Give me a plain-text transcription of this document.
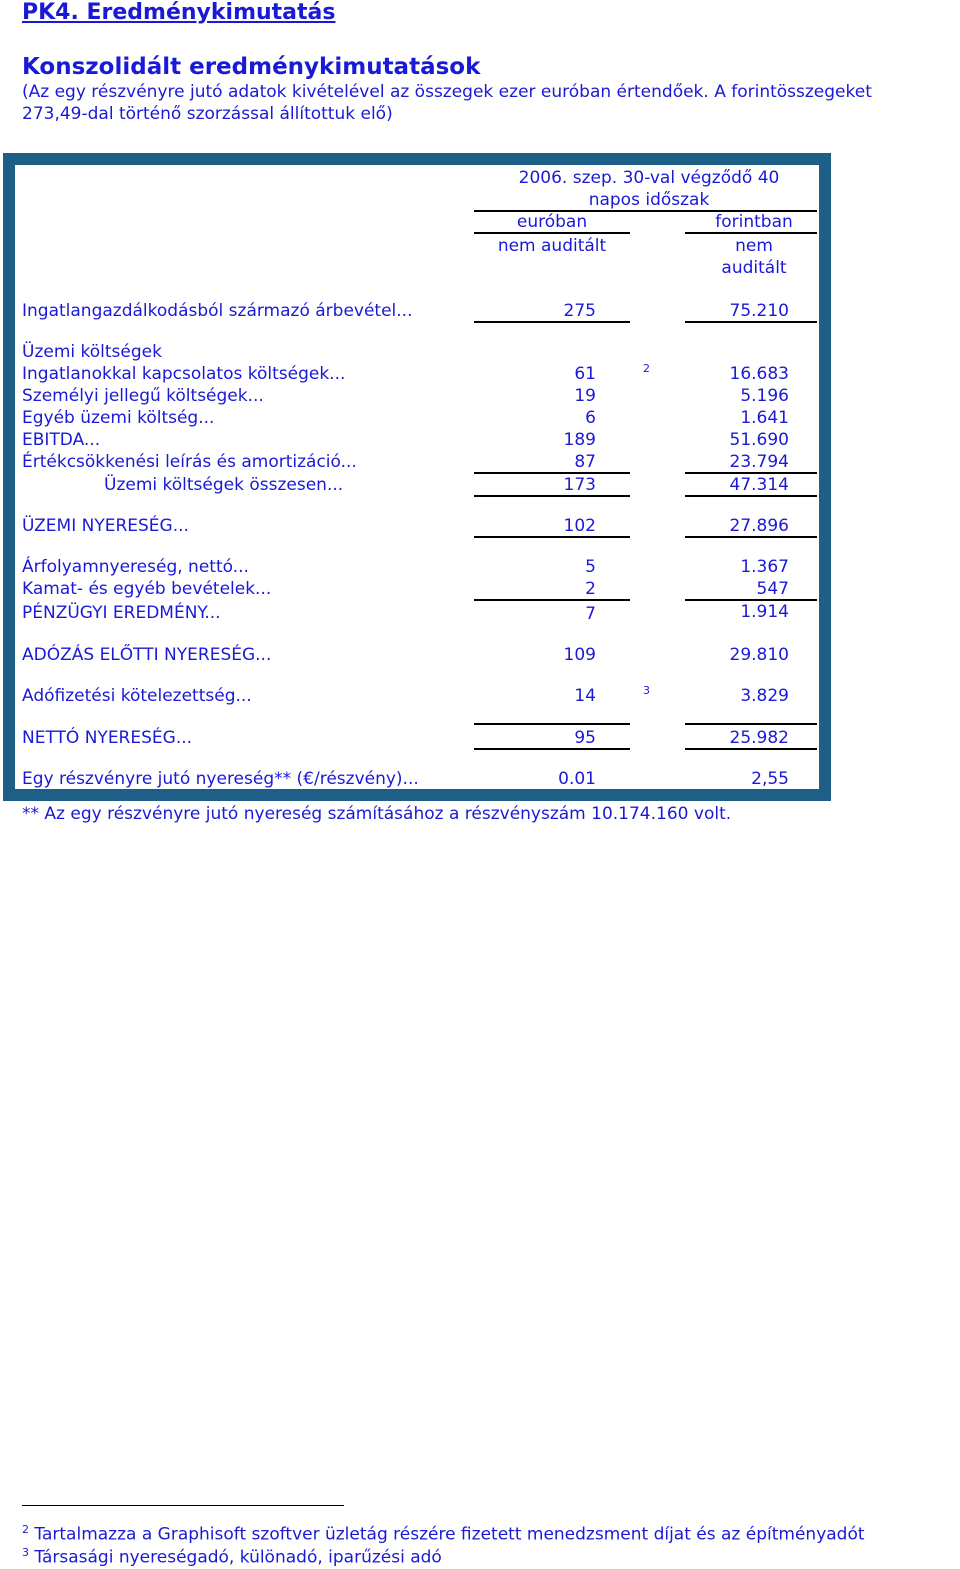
PK4. Eredménykimutatás
Konszolidált eredménykimutatások
(Az egy részvényre jutó adatok kivételével az összegek ezer euróban értendőek. A forintösszegeket
273,49-dal történő szorzással állítottuk elő)
2006. szep. 30-val végződő 40
napos időszak
euróban	forintban
nem auditált	nem
auditált
Ingatlangazdálkodásból származó árbevétel...	275	75.210
Üzemi költségek
Ingatlanokkal kapcsolatos költségek...	61	2	16.683
Személyi jellegű költségek...	19	5.196
Egyéb üzemi költség...	6	1.641
EBITDA...	189	51.690
Értékcsökkenési leírás és amortizáció...	87	23.794
Üzemi költségek összesen...	173	47.314
ÜZEMI NYERESÉG...	102	27.896
Árfolyamnyereség, nettó...	5	1.367
Kamat- és egyéb bevételek...	2	547
PÉNZÜGYI EREDMÉNY...	7	1.914
ADÓZÁS ELŐTTI NYERESÉG...	109	29.810
Adófizetési kötelezettség...	14	3	3.829
NETTÓ NYERESÉG...	95	25.982
Egy részvényre jutó nyereség** (€/részvény)...	0.01	2,55
** Az egy részvényre jutó nyereség számításához a részvényszám 10.174.160 volt.
$^2$ Tartalmazza a Graphisoft szoftver üzletág részére fizetett menedzsment díjat és az építményadót
$^3$ Társasági nyereségadó, különadó, iparűzési adó
